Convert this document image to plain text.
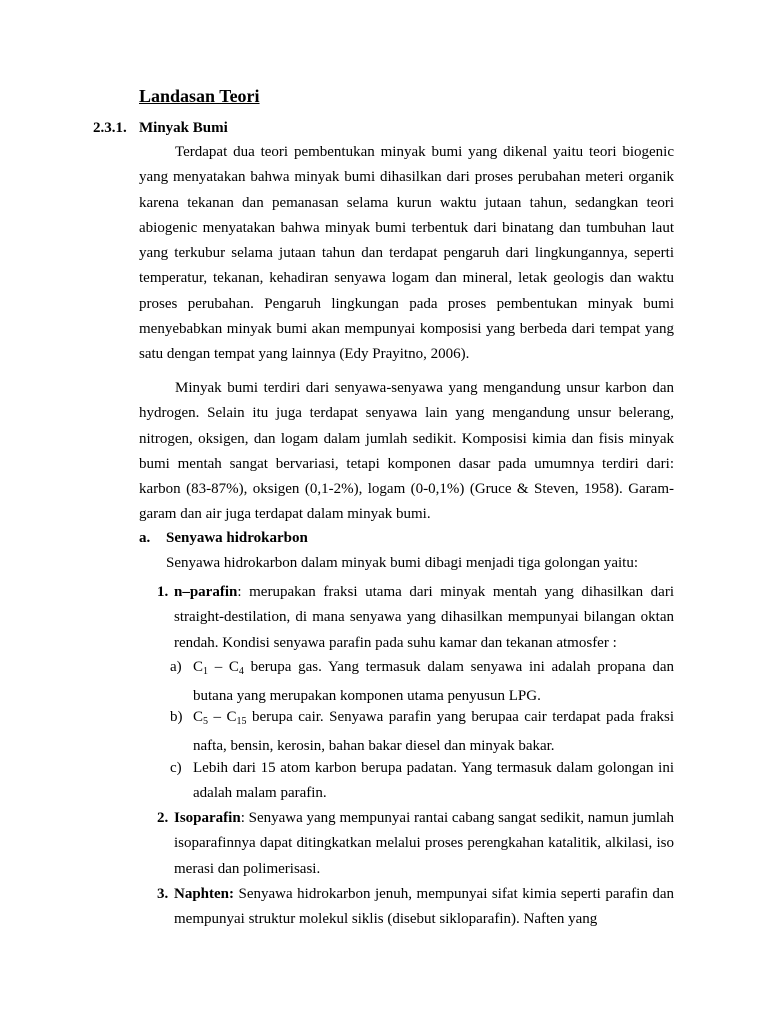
Landasan Teori
2.3.1. Minyak Bumi

Terdapat dua teori pembentukan minyak bumi yang dikenal yaitu teori biogenic yang menyatakan bahwa minyak bumi dihasilkan dari proses perubahan meteri organik karena tekanan dan pemanasan selama kurun waktu jutaan tahun, sedangkan teori abiogenic menyatakan bahwa minyak bumi terbentuk dari binatang dan tumbuhan laut yang terkubur selama jutaan tahun dan terdapat pengaruh dari lingkungannya, seperti temperatur, tekanan, kehadiran senyawa logam dan mineral, letak geologis dan waktu proses perubahan. Pengaruh lingkungan pada proses pembentukan minyak bumi menyebabkan minyak bumi akan mempunyai komposisi yang berbeda dari tempat yang satu dengan tempat yang lainnya (Edy Prayitno, 2006).

Minyak bumi terdiri dari senyawa-senyawa yang mengandung unsur karbon dan hydrogen. Selain itu juga terdapat senyawa lain yang mengandung unsur belerang, nitrogen, oksigen, dan logam dalam jumlah sedikit. Komposisi kimia dan fisis minyak bumi mentah sangat bervariasi, tetapi komponen dasar pada umumnya terdiri dari: karbon (83-87%), oksigen (0,1-2%), logam (0-0,1%) (Gruce & Steven, 1958). Garam-garam dan air juga terdapat dalam minyak bumi.

a. Senyawa hidrokarbon
Senyawa hidrokarbon dalam minyak bumi dibagi menjadi tiga golongan yaitu:

1. n–parafin: merupakan fraksi utama dari minyak mentah yang dihasilkan dari straight-destilation, di mana senyawa yang dihasilkan mempunyai bilangan oktan rendah. Kondisi senyawa parafin pada suhu kamar dan tekanan atmosfer :

a) $C_1 - C_4$ berupa gas. Yang termasuk dalam senyawa ini adalah propana dan butana yang merupakan komponen utama penyusun LPG.

b) $C_5 - C_{15}$ berupa cair. Senyawa parafin yang berupaa cair terdapat pada fraksi nafta, bensin, kerosin, bahan bakar diesel dan minyak bakar.

c) Lebih dari 15 atom karbon berupa padatan. Yang termasuk dalam golongan ini adalah malam parafin.

2. Isoparafin: Senyawa yang mempunyai rantai cabang sangat sedikit, namun jumlah isoparafinnya dapat ditingkatkan melalui proses perengkahan katalitik, alkilasi, iso merasi dan polimerisasi.

3. Naphten: Senyawa hidrokarbon jenuh, mempunyai sifat kimia seperti parafin dan mempunyai struktur molekul siklis (disebut sikloparafin). Naften yang
